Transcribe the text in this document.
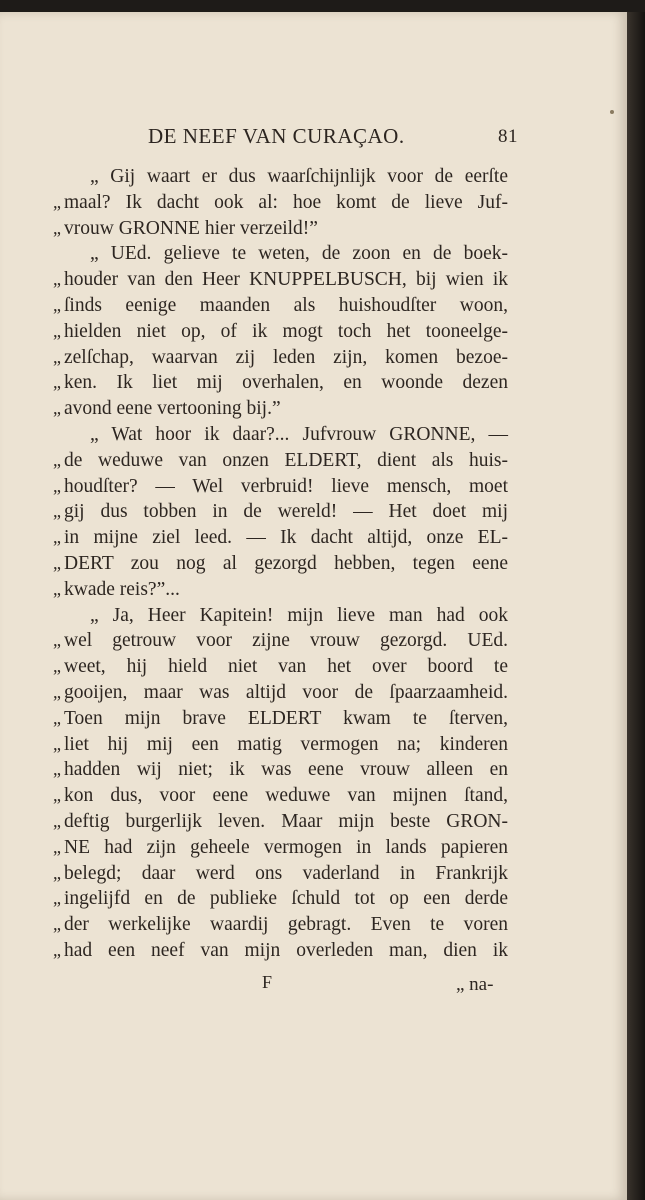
DE NEEF VAN CURAÇAO.	81
„ Gij waart er dus waarſchijnlijk voor de eerſte
„ maal? Ik dacht ook al: hoe komt de lieve Juf-
„ vrouw GRONNE hier verzeild!”
„ UEd. gelieve te weten, de zoon en de boek-
„ houder van den Heer KNUPPELBUSCH, bij wien ik
„ ſinds eenige maanden als huishoudſter woon,
„ hielden niet op, of ik mogt toch het tooneelge-
„ zelſchap, waarvan zij leden zijn, komen bezoe-
„ ken. Ik liet mij overhalen, en woonde dezen
„ avond eene vertooning bij.”
„ Wat hoor ik daar?... Jufvrouw GRONNE, —
„ de weduwe van onzen ELDERT, dient als huis-
„ houdſter? — Wel verbruid! lieve mensch, moet
„ gij dus tobben in de wereld! — Het doet mij
„ in mijne ziel leed. — Ik dacht altijd, onze EL-
„ DERT zou nog al gezorgd hebben, tegen eene
„ kwade reis?”...
„ Ja, Heer Kapitein! mijn lieve man had ook
„ wel getrouw voor zijne vrouw gezorgd. UEd.
„ weet, hij hield niet van het over boord te
„ gooijen, maar was altijd voor de ſpaarzaamheid.
„ Toen mijn brave ELDERT kwam te ſterven,
„ liet hij mij een matig vermogen na; kinderen
„ hadden wij niet; ik was eene vrouw alleen en
„ kon dus, voor eene weduwe van mijnen ſtand,
„ deftig burgerlijk leven. Maar mijn beste GRON-
„ NE had zijn geheele vermogen in lands papieren
„ belegd; daar werd ons vaderland in Frankrijk
„ ingelijfd en de publieke ſchuld tot op een derde
„ der werkelijke waardij gebragt. Even te voren
„ had een neef van mijn overleden man, dien ik
F	„ na-
